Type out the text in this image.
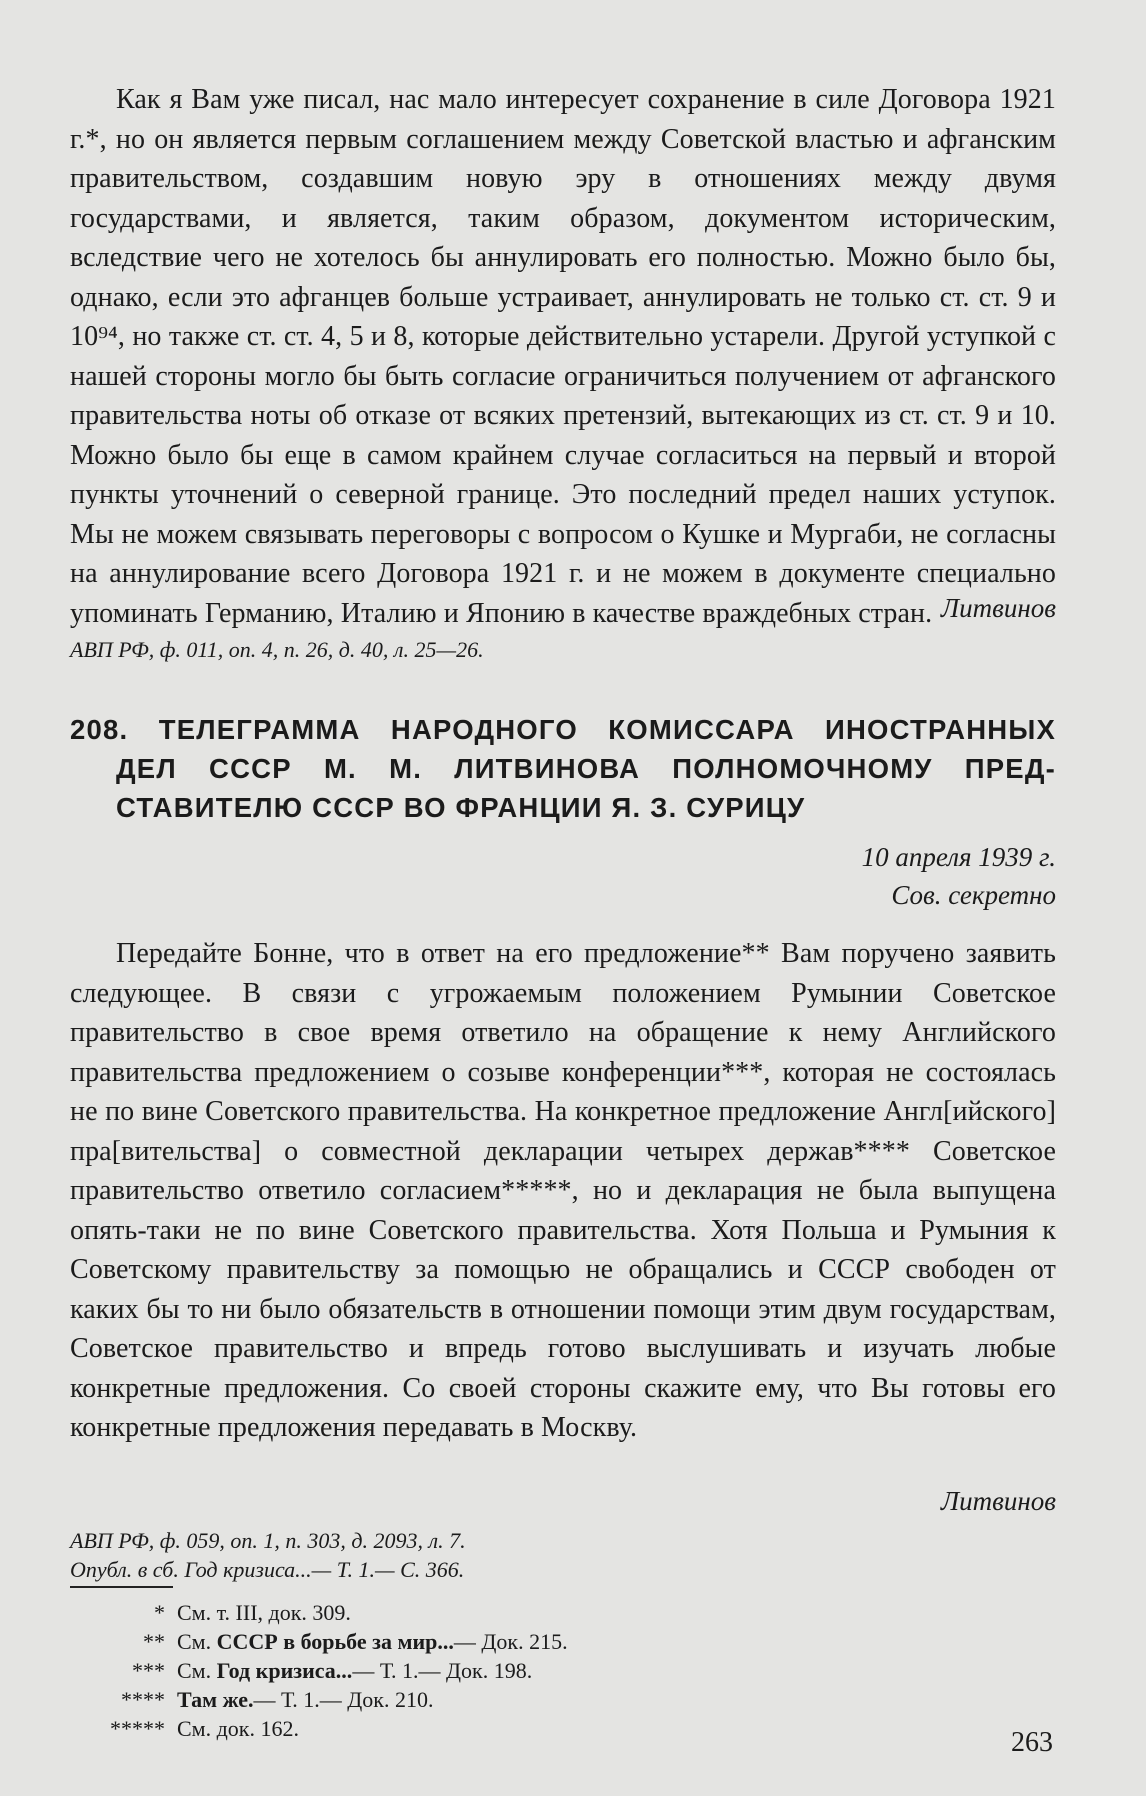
Как я Вам уже писал, нас мало интересует сохранение в силе Договора 1921 г.*, но он является первым соглашением между Советской властью и афганским правительством, создавшим новую эру в отношениях между двумя государствами, и является, таким образом, документом историческим, вследствие чего не хотелось бы аннулировать его полностью. Можно было бы, однако, если это афганцев больше устраивает, аннулировать не только ст. ст. 9 и 10⁹⁴, но также ст. ст. 4, 5 и 8, которые действительно устарели. Другой уступкой с нашей стороны могло бы быть согласие ограничиться получением от афганского правительства ноты об отказе от всяких претензий, вытекающих из ст. ст. 9 и 10. Можно было бы еще в самом крайнем случае согласиться на первый и второй пункты уточнений о северной границе. Это последний предел наших уступок. Мы не можем связывать переговоры с вопросом о Кушке и Мургаби, не согласны на аннулирование всего Договора 1921 г. и не можем в документе специально упоминать Германию, Италию и Японию в качестве враждебных стран. Литвинов
АВП РФ, ф. 011, оп. 4, п. 26, д. 40, л. 25—26.
208. ТЕЛЕГРАММА НАРОДНОГО КОМИССАРА ИНОСТРАННЫХ
ДЕЛ СССР М. М. ЛИТВИНОВА ПОЛНОМОЧНОМУ ПРЕД-
СТАВИТЕЛЮ СССР ВО ФРАНЦИИ Я. З. СУРИЦУ
10 апреля 1939 г.
Сов. секретно

Передайте Бонне, что в ответ на его предложение** Вам поручено заявить следующее. В связи с угрожаемым положением Румынии Советское правительство в свое время ответило на обращение к нему Английского правительства предложением о созыве конференции***, которая не состоялась не по вине Советского правительства. На конкретное предложение Англ[ийского] пра[вительства] о совместной декларации четырех держав**** Советское правительство ответило согласием*****, но и декларация не была выпущена опять-таки не по вине Советского правительства. Хотя Польша и Румыния к Советскому правительству за помощью не обращались и СССР свободен от каких бы то ни было обязательств в отношении помощи этим двум государствам, Советское правительство и впредь готово выслушивать и изучать любые конкретные предложения. Со своей стороны скажите ему, что Вы готовы его конкретные предложения передавать в Москву.

Литвинов
АВП РФ, ф. 059, оп. 1, п. 303, д. 2093, л. 7.
Опубл. в сб. Год кризиса...— Т. 1.— С. 366.
* См. т. III, док. 309.
** См. СССР в борьбе за мир...— Док. 215.
*** См. Год кризиса...— Т. 1.— Док. 198.
**** Там же.— Т. 1.— Док. 210.
***** См. док. 162.	263
